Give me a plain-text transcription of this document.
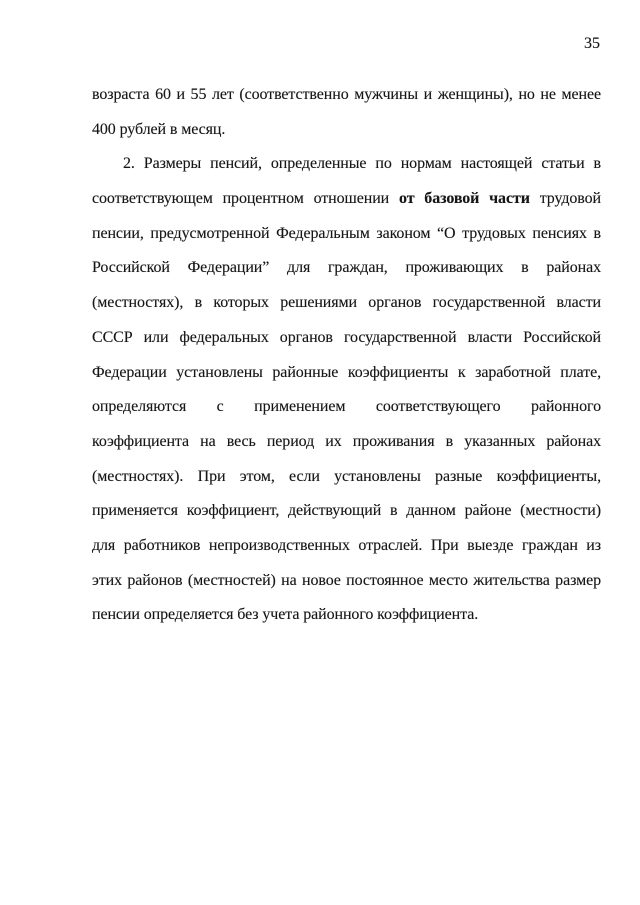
35
возраста 60 и 55 лет (соответственно мужчины и женщины), но не менее
400 рублей в месяц.
2. Размеры пенсий, определенные по нормам настоящей статьи в
соответствующем процентном отношении от базовой части трудовой
пенсии, предусмотренной Федеральным законом “О трудовых пенсиях в
Российской Федерации” для граждан, проживающих в районах
(местностях), в которых решениями органов государственной власти
СССР или федеральных органов государственной власти Российской
Федерации установлены районные коэффициенты к заработной плате,
определяются с применением соответствующего районного
коэффициента на весь период их проживания в указанных районах
(местностях). При этом, если установлены разные коэффициенты,
применяется коэффициент, действующий в данном районе (местности)
для работников непроизводственных отраслей. При выезде граждан из
этих районов (местностей) на новое постоянное место жительства размер
пенсии определяется без учета районного коэффициента.
